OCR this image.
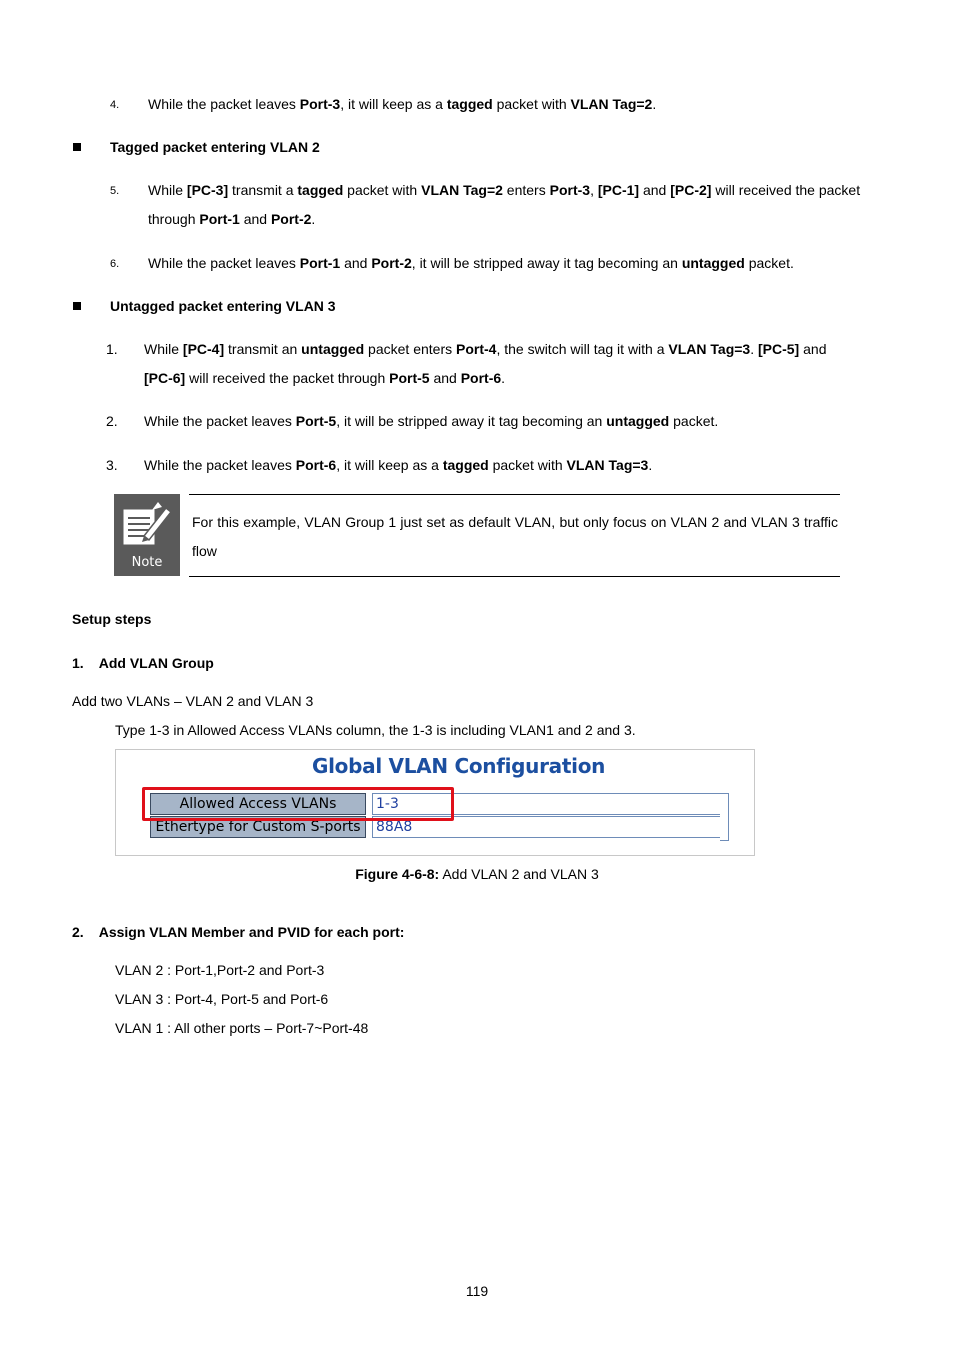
4. While the packet leaves Port-3, it will keep as a tagged packet with VLAN Tag=2.
Tagged packet entering VLAN 2
5. While [PC-3] transmit a tagged packet with VLAN Tag=2 enters Port-3, [PC-1] and [PC-2] will received the packet
through Port-1 and Port-2.
6. While the packet leaves Port-1 and Port-2, it will be stripped away it tag becoming an untagged packet.
Untagged packet entering VLAN 3
1. While [PC-4] transmit an untagged packet enters Port-4, the switch will tag it with a VLAN Tag=3. [PC-5] and
[PC-6] will received the packet through Port-5 and Port-6.
2. While the packet leaves Port-5, it will be stripped away it tag becoming an untagged packet.
3. While the packet leaves Port-6, it will keep as a tagged packet with VLAN Tag=3.
Note
For this example, VLAN Group 1 just set as default VLAN, but only focus on VLAN 2 and VLAN 3 traffic flow
Setup steps
1.    Add VLAN Group
Add two VLANs – VLAN 2 and VLAN 3
Type 1-3 in Allowed Access VLANs column, the 1-3 is including VLAN1 and 2 and 3.
Global VLAN Configuration
Allowed Access VLANs	1-3
Ethertype for Custom S-ports	88A8
Figure 4-6-8: Add VLAN 2 and VLAN 3
2.    Assign VLAN Member and PVID for each port:
VLAN 2 : Port-1,Port-2 and Port-3
VLAN 3 : Port-4, Port-5 and Port-6
VLAN 1 : All other ports – Port-7~Port-48
119
